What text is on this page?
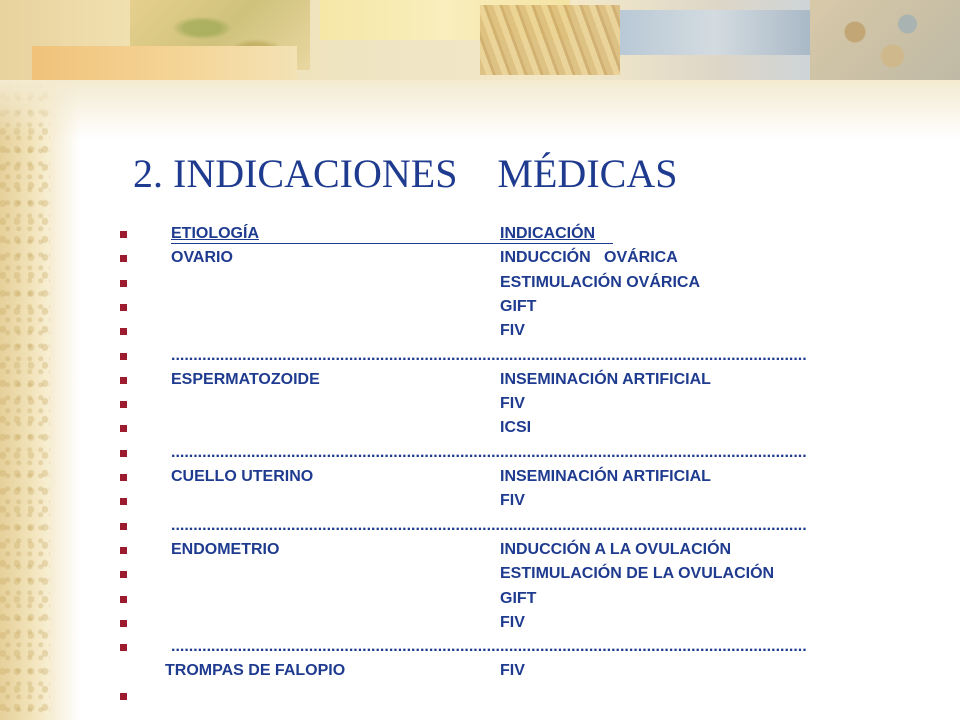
2. INDICACIONES    MÉDICAS
ETIOLOGÍA	INDICACIÓN
OVARIO	INDUCCIÓN   OVÁRICA
ESTIMULACIÓN OVÁRICA
GIFT
FIV
...............................................................................................................................................
ESPERMATOZOIDE	INSEMINACIÓN ARTIFICIAL
FIV
ICSI
...............................................................................................................................................
CUELLO UTERINO	INSEMINACIÓN ARTIFICIAL
FIV
...............................................................................................................................................
ENDOMETRIO	INDUCCIÓN A LA OVULACIÓN
ESTIMULACIÓN DE LA OVULACIÓN
GIFT
FIV
...............................................................................................................................................
TROMPAS DE FALOPIO	FIV
